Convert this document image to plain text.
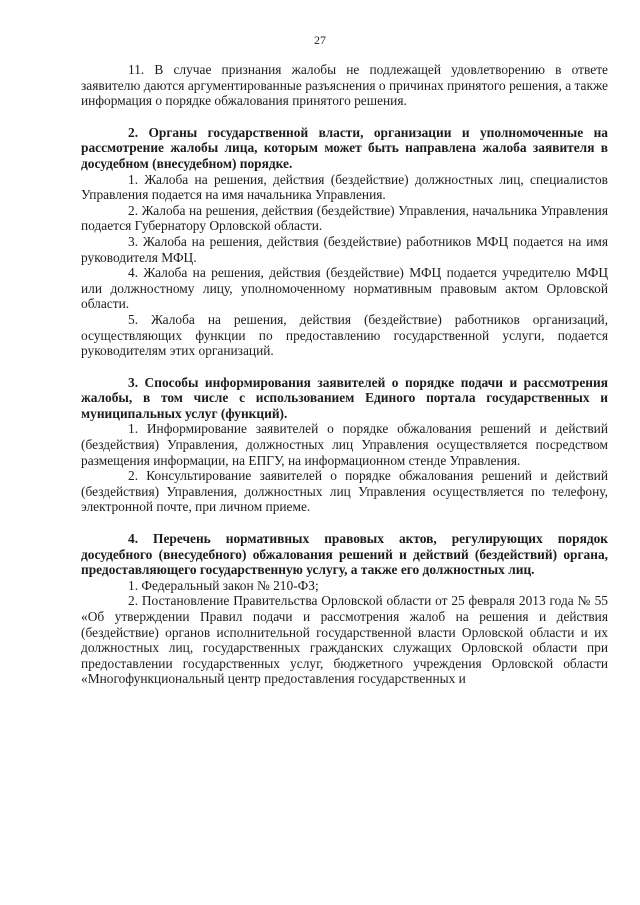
27

11. В случае признания жалобы не подлежащей удовлетворению в ответе заявителю даются аргументированные разъяснения о причинах принятого решения, а также информация о порядке обжалования принятого решения.

2. Органы государственной власти, организации и уполномоченные на рассмотрение жалобы лица, которым может быть направлена жалоба заявителя в досудебном (внесудебном) порядке.

1. Жалоба на решения, действия (бездействие) должностных лиц, специалистов Управления подается на имя начальника Управления.

2. Жалоба на решения, действия (бездействие) Управления, начальника Управления подается Губернатору Орловской области.

3. Жалоба на решения, действия (бездействие) работников МФЦ подается на имя руководителя МФЦ.

4. Жалоба на решения, действия (бездействие) МФЦ подается учредителю МФЦ или должностному лицу, уполномоченному нормативным правовым актом Орловской области.

5. Жалоба на решения, действия (бездействие) работников организаций, осуществляющих функции по предоставлению государственной услуги, подается руководителям этих организаций.

3. Способы информирования заявителей о порядке подачи и рассмотрения жалобы, в том числе с использованием Единого портала государственных и муниципальных услуг (функций).

1. Информирование заявителей о порядке обжалования решений и действий (бездействия) Управления, должностных лиц Управления осуществляется посредством размещения информации, на ЕПГУ, на информационном стенде Управления.

2. Консультирование заявителей о порядке обжалования решений и действий (бездействия) Управления, должностных лиц Управления осуществляется по телефону, электронной почте, при личном приеме.

4. Перечень нормативных правовых актов, регулирующих порядок досудебного (внесудебного) обжалования решений и действий (бездействий) органа, предоставляющего государственную услугу, а также его должностных лиц.

1. Федеральный закон № 210-ФЗ;

2. Постановление Правительства Орловской области от 25 февраля 2013 года № 55 «Об утверждении Правил подачи и рассмотрения жалоб на решения и действия (бездействие) органов исполнительной государственной власти Орловской области и их должностных лиц, государственных гражданских служащих Орловской области при предоставлении государственных услуг, бюджетного учреждения Орловской области «Многофункциональный центр предоставления государственных и
